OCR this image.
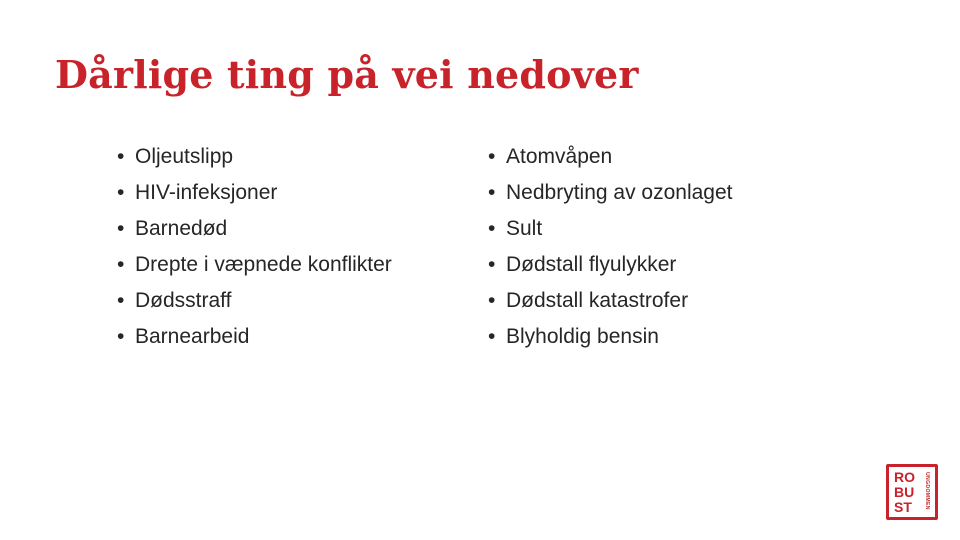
Dårlige ting på vei nedover
• Oljeutslipp
• HIV-infeksjoner
• Barnedød
• Drepte i væpnede konflikter
• Dødsstraff
• Barnearbeid
• Atomvåpen
• Nedbryting av ozonlaget
• Sult
• Dødstall flyulykker
• Dødstall katastrofer
• Blyholdig bensin
RO
BU
ST UNGDOMMEN
